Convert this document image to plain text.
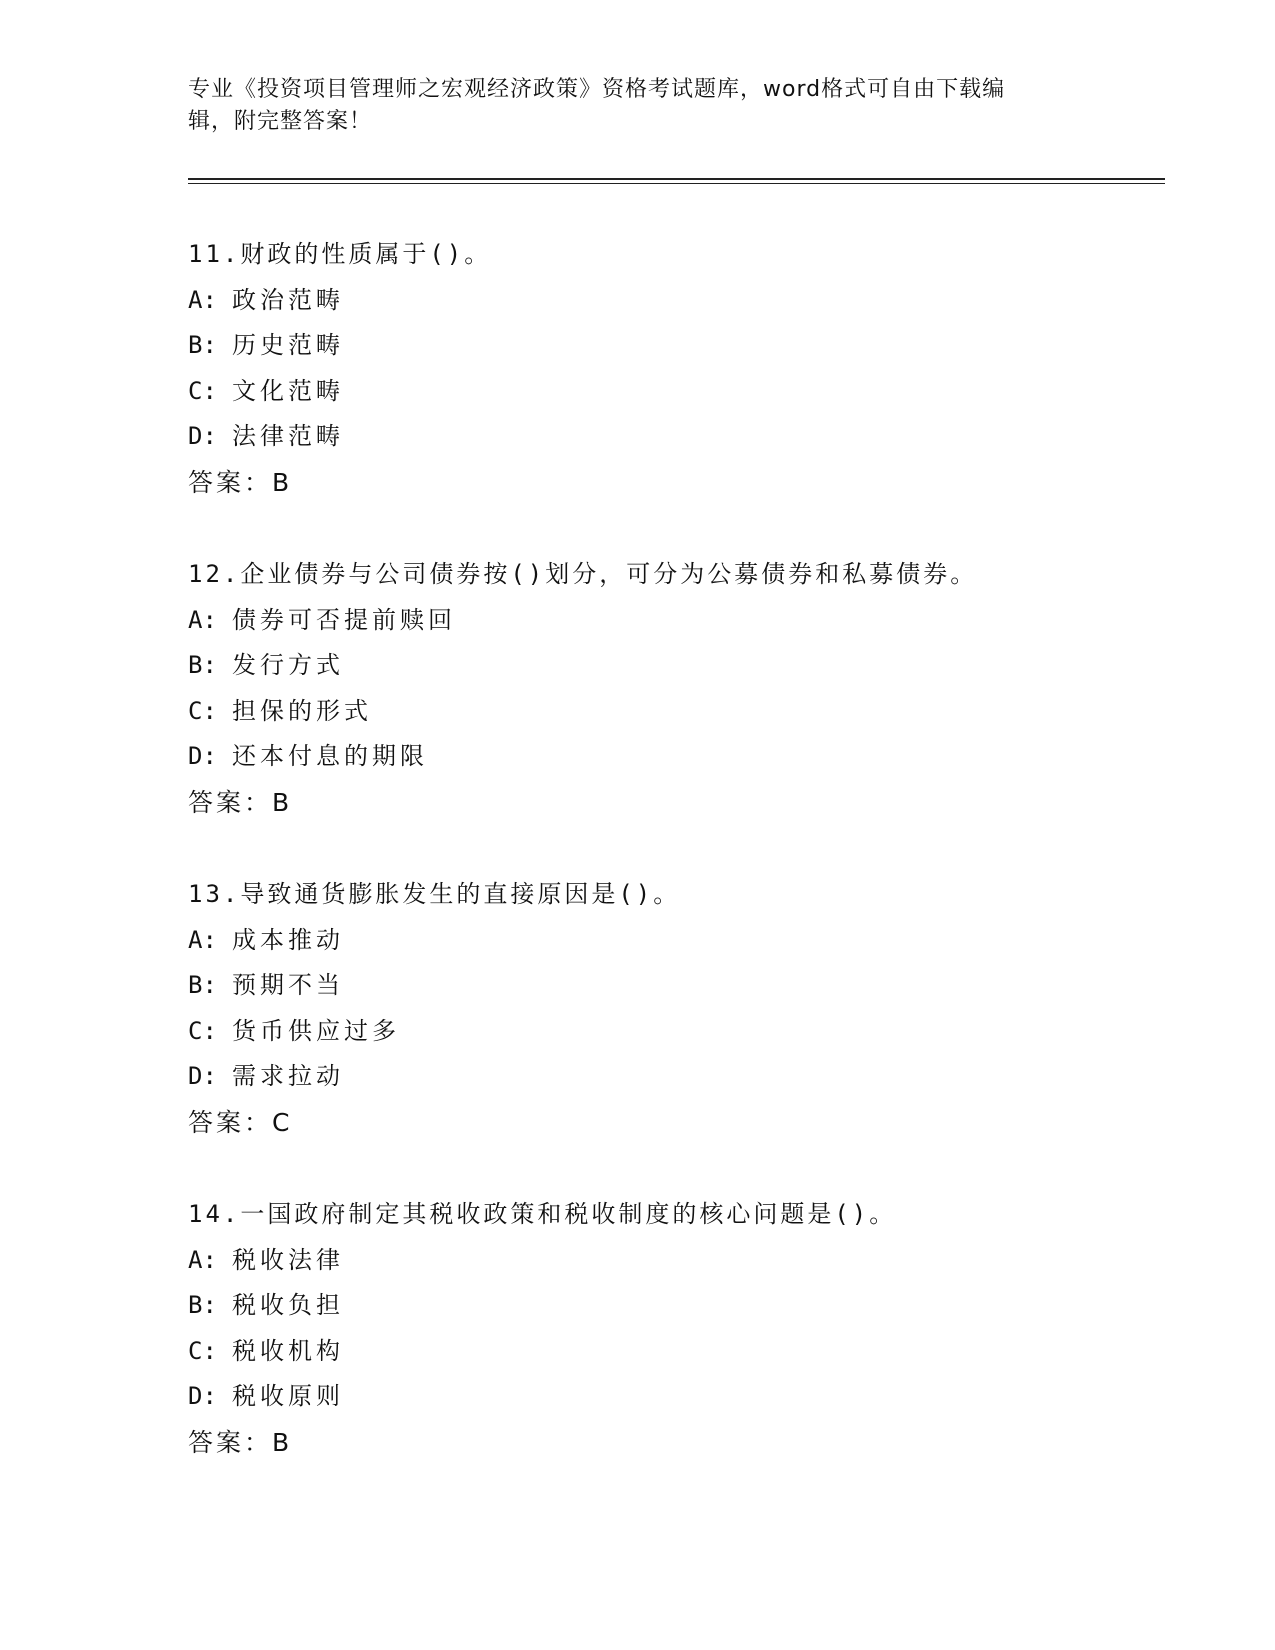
专业《投资项目管理师之宏观经济政策》资格考试题库，word格式可自由下载编
辑，附完整答案！
11.财政的性质属于()。
A: 政治范畴
B: 历史范畴
C: 文化范畴
D: 法律范畴
答案：B
12.企业债券与公司债券按()划分，可分为公募债券和私募债券。
A: 债券可否提前赎回
B: 发行方式
C: 担保的形式
D: 还本付息的期限
答案：B
13.导致通货膨胀发生的直接原因是()。
A: 成本推动
B: 预期不当
C: 货币供应过多
D: 需求拉动
答案：C
14.一国政府制定其税收政策和税收制度的核心问题是()。
A: 税收法律
B: 税收负担
C: 税收机构
D: 税收原则
答案：B
